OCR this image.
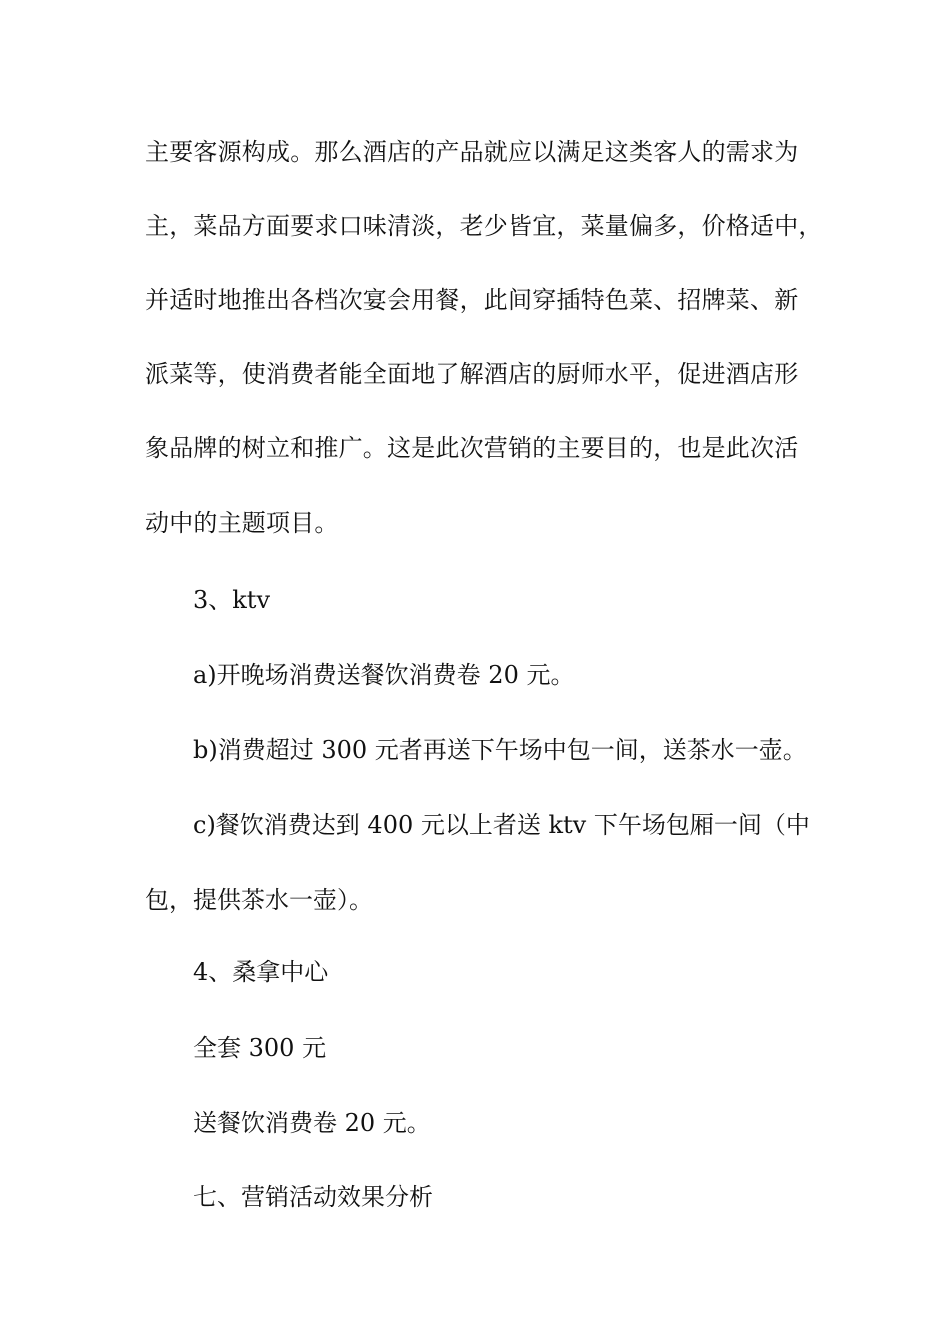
主要客源构成。那么酒店的产品就应以满足这类客人的需求为
主，菜品方面要求口味清淡，老少皆宜，菜量偏多，价格适中，
并适时地推出各档次宴会用餐，此间穿插特色菜、招牌菜、新
派菜等，使消费者能全面地了解酒店的厨师水平，促进酒店形
象品牌的树立和推广。这是此次营销的主要目的，也是此次活
动中的主题项目。
3、ktv
a)开晚场消费送餐饮消费卷 20 元。
b)消费超过 300 元者再送下午场中包一间，送茶水一壶。
c)餐饮消费达到 400 元以上者送 ktv 下午场包厢一间（中
包，提供茶水一壶）。
4、桑拿中心
全套 300 元
送餐饮消费卷 20 元。
七、营销活动效果分析
